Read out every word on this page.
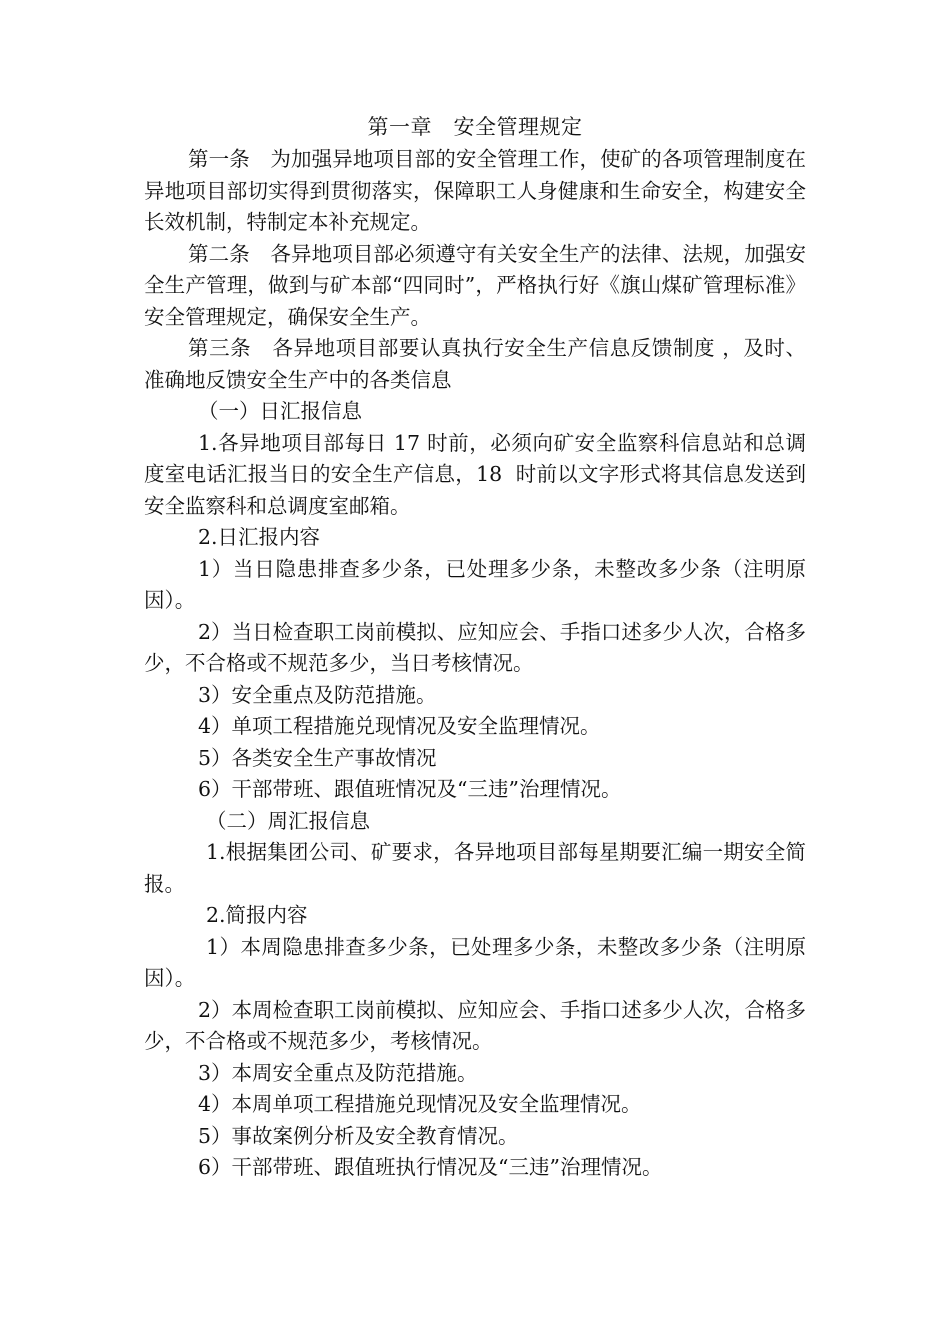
第一章　安全管理规定

第一条　为加强异地项目部的安全管理工作，使矿的各项管理制度在异地项目部切实得到贯彻落实，保障职工人身健康和生命安全，构建安全长效机制，特制定本补充规定。

第二条　各异地项目部必须遵守有关安全生产的法律、法规，加强安全生产管理，做到与矿本部“四同时”，严格执行好《旗山煤矿管理标准》安全管理规定，确保安全生产。

第三条　各异地项目部要认真执行安全生产信息反馈制度 ，及时、准确地反馈安全生产中的各类信息

（一）日汇报信息

1.各异地项目部每日 17 时前，必须向矿安全监察科信息站和总调度室电话汇报当日的安全生产信息，18  时前以文字形式将其信息发送到安全监察科和总调度室邮箱。

2.日汇报内容

1）当日隐患排查多少条，已处理多少条，未整改多少条（注明原因）。

2）当日检查职工岗前模拟、应知应会、手指口述多少人次，合格多少，不合格或不规范多少，当日考核情况。

3）安全重点及防范措施。

4）单项工程措施兑现情况及安全监理情况。

5）各类安全生产事故情况

6）干部带班、跟值班情况及“三违”治理情况。

（二）周汇报信息

1.根据集团公司、矿要求，各异地项目部每星期要汇编一期安全简报。

2.简报内容

1）本周隐患排查多少条，已处理多少条，未整改多少条（注明原因）。

2）本周检查职工岗前模拟、应知应会、手指口述多少人次，合格多少，不合格或不规范多少，考核情况。

3）本周安全重点及防范措施。

4）本周单项工程措施兑现情况及安全监理情况。

5）事故案例分析及安全教育情况。

6）干部带班、跟值班执行情况及“三违”治理情况。
